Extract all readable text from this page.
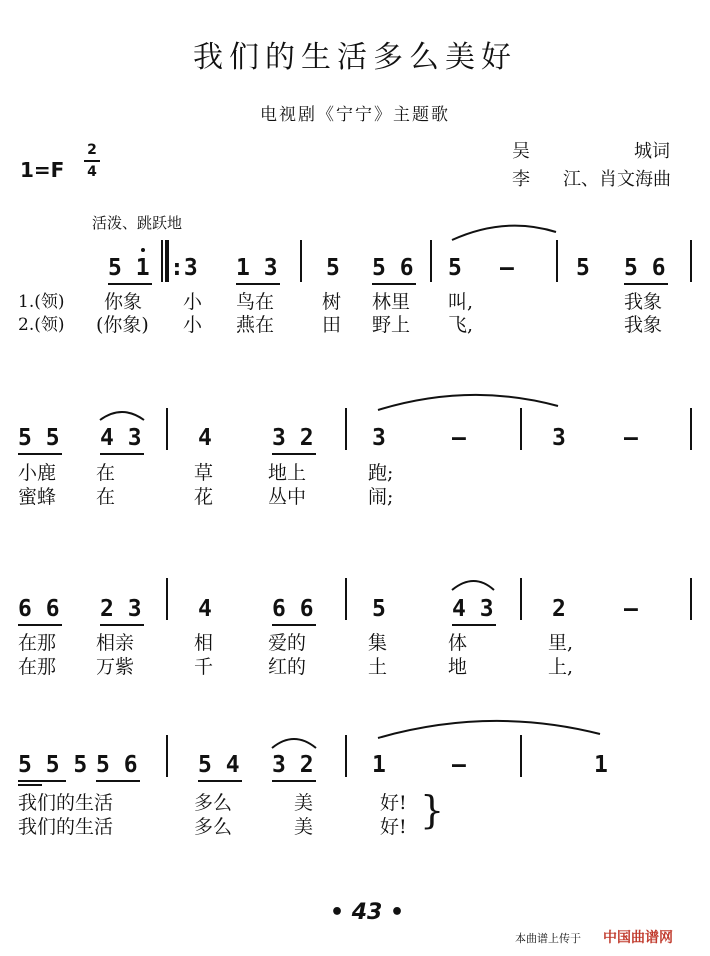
我们的生活多么美好
电视剧《宁宁》主题歌
吴	城词
李 江、肖文海曲
1=F
2
4
活泼、跳跃地
5 1 :3 1 3 5 5 6 5 –	5 5 6
1.(领) 你象 小 鸟在	树 林里 叫,	我象
2.(领) (你象) 小 燕在	田 野上 飞,	我象
5 5 4 3 4	3 2	3	–	3	–
小鹿 在	草	地上	跑;
蜜蜂 在	花	丛中	闹;
6 6 2 3 4	6 6	5	4 3	2	–
在那 相亲	相	爱的	集	体	里,
在那 万紫	千	红的	土	地	上,
5 5 5 5 6	5 4 3 2	1	–	1
我们的生活	多么	美	好!
我们的生活	多么	美	好! }
• 43 •
本曲谱上传于 中国曲谱网
